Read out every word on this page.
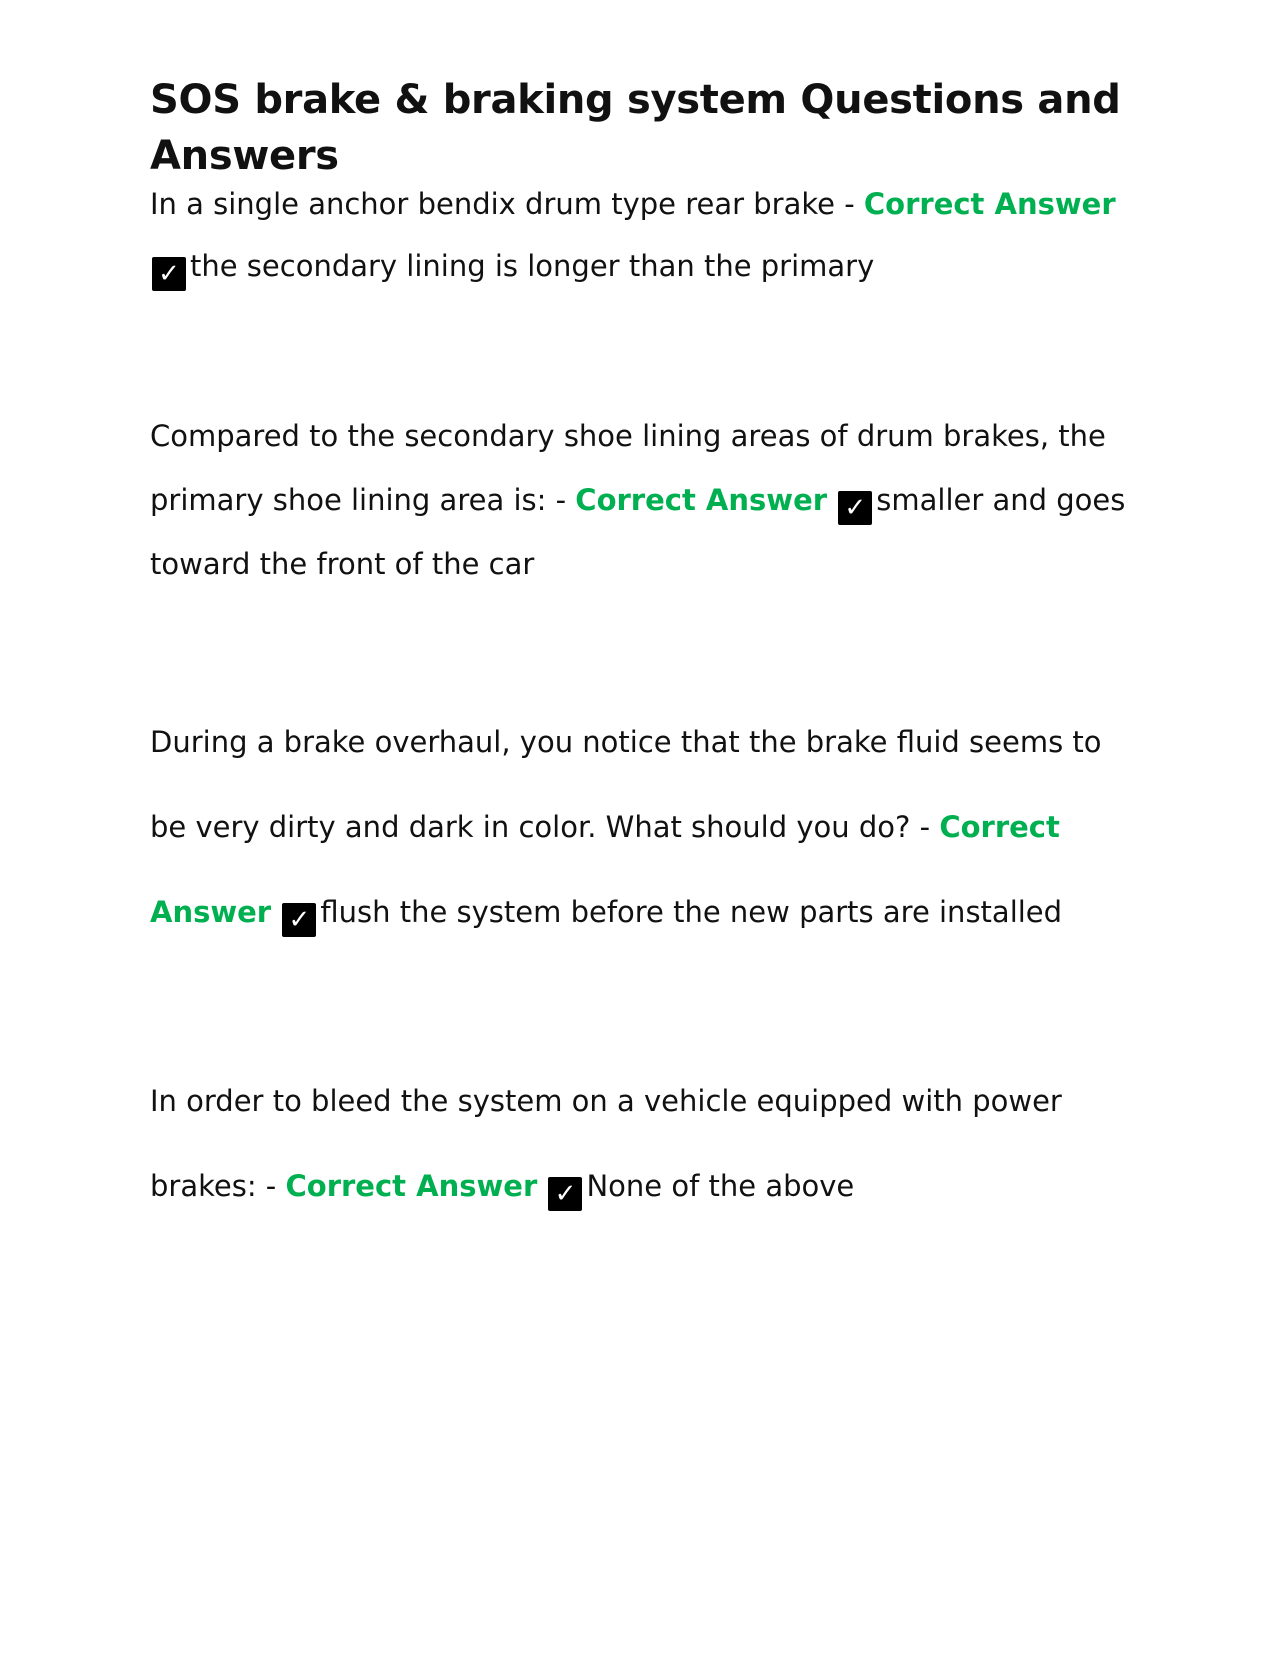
SOS brake & braking system Questions and Answers

In a single anchor bendix drum type rear brake - Correct Answer
✓ the secondary lining is longer than the primary

Compared to the secondary shoe lining areas of drum brakes, the primary shoe lining area is: - Correct Answer ✓ smaller and goes toward the front of the car

During a brake overhaul, you notice that the brake fluid seems to be very dirty and dark in color. What should you do? - Correct Answer ✓ flush the system before the new parts are installed

In order to bleed the system on a vehicle equipped with power brakes: - Correct Answer ✓ None of the above
